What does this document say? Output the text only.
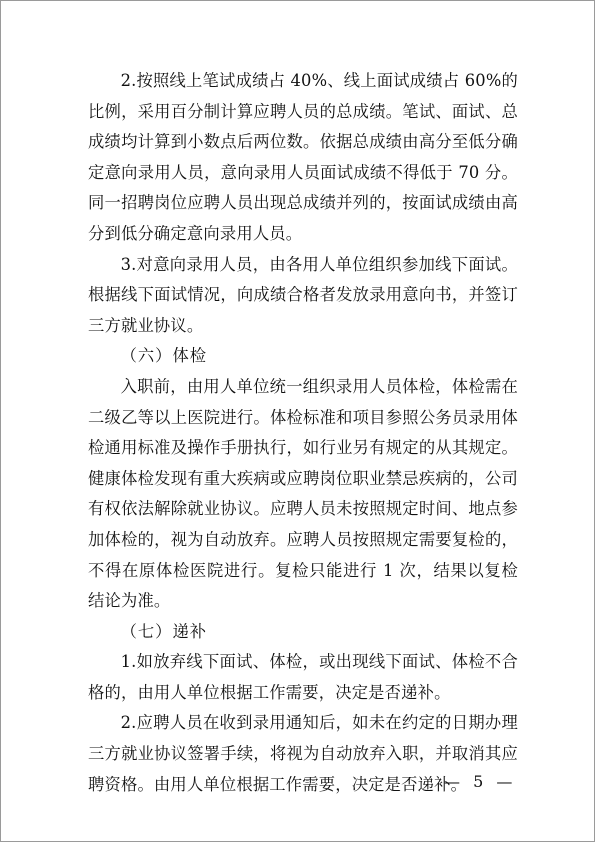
2.按照线上笔试成绩占 40%、线上面试成绩占 60%的比例，采用百分制计算应聘人员的总成绩。笔试、面试、总成绩均计算到小数点后两位数。依据总成绩由高分至低分确定意向录用人员，意向录用人员面试成绩不得低于 70 分。同一招聘岗位应聘人员出现总成绩并列的，按面试成绩由高分到低分确定意向录用人员。

3.对意向录用人员，由各用人单位组织参加线下面试。根据线下面试情况，向成绩合格者发放录用意向书，并签订三方就业协议。

（六）体检

入职前，由用人单位统一组织录用人员体检，体检需在二级乙等以上医院进行。体检标准和项目参照公务员录用体检通用标准及操作手册执行，如行业另有规定的从其规定。健康体检发现有重大疾病或应聘岗位职业禁忌疾病的，公司有权依法解除就业协议。应聘人员未按照规定时间、地点参加体检的，视为自动放弃。应聘人员按照规定需要复检的，不得在原体检医院进行。复检只能进行 1 次，结果以复检结论为准。

（七）递补

1.如放弃线下面试、体检，或出现线下面试、体检不合格的，由用人单位根据工作需要，决定是否递补。

2.应聘人员在收到录用通知后，如未在约定的日期办理三方就业协议签署手续，将视为自动放弃入职，并取消其应聘资格。由用人单位根据工作需要，决定是否递补。

— 5 —
